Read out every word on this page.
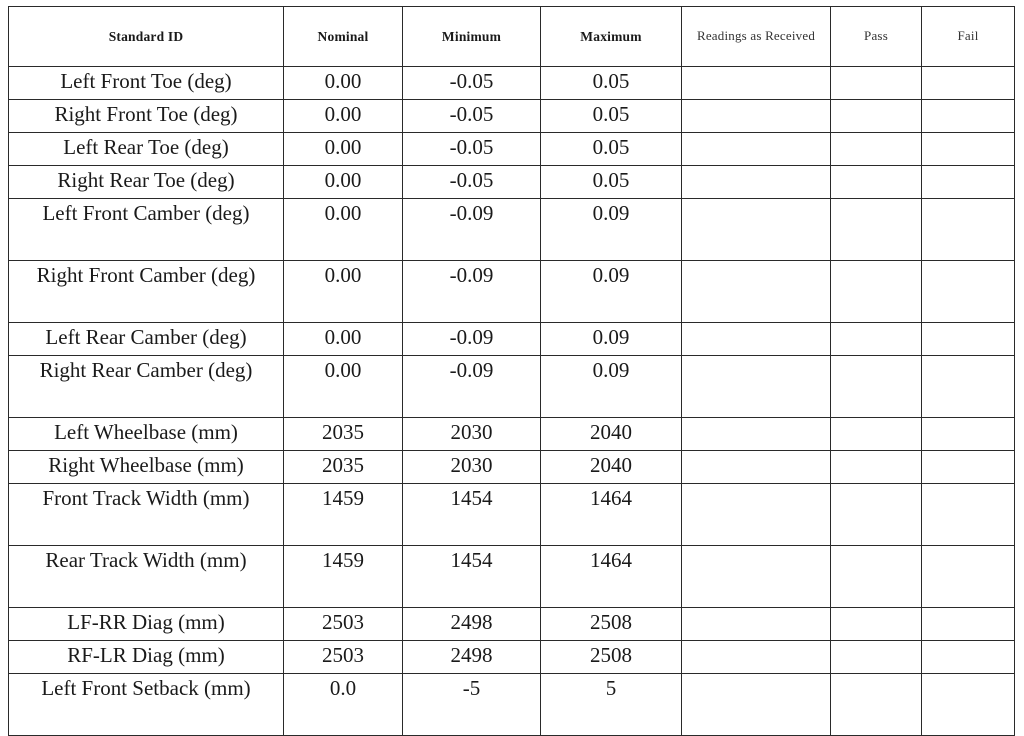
Standard ID	Nominal	Minimum	Maximum	Readings as Received	Pass	Fail
Left Front Toe (deg)	0.00	-0.05	0.05			
Right Front Toe (deg)	0.00	-0.05	0.05			
Left Rear Toe (deg)	0.00	-0.05	0.05			
Right Rear Toe (deg)	0.00	-0.05	0.05			
Left Front Camber (deg)	0.00	-0.09	0.09			
Right Front Camber (deg)	0.00	-0.09	0.09			
Left Rear Camber (deg)	0.00	-0.09	0.09			
Right Rear Camber (deg)	0.00	-0.09	0.09			
Left Wheelbase (mm)	2035	2030	2040			
Right Wheelbase (mm)	2035	2030	2040			
Front Track Width (mm)	1459	1454	1464			
Rear Track Width (mm)	1459	1454	1464			
LF-RR Diag (mm)	2503	2498	2508			
RF-LR Diag (mm)	2503	2498	2508			
Left Front Setback (mm)	0.0	-5	5			
